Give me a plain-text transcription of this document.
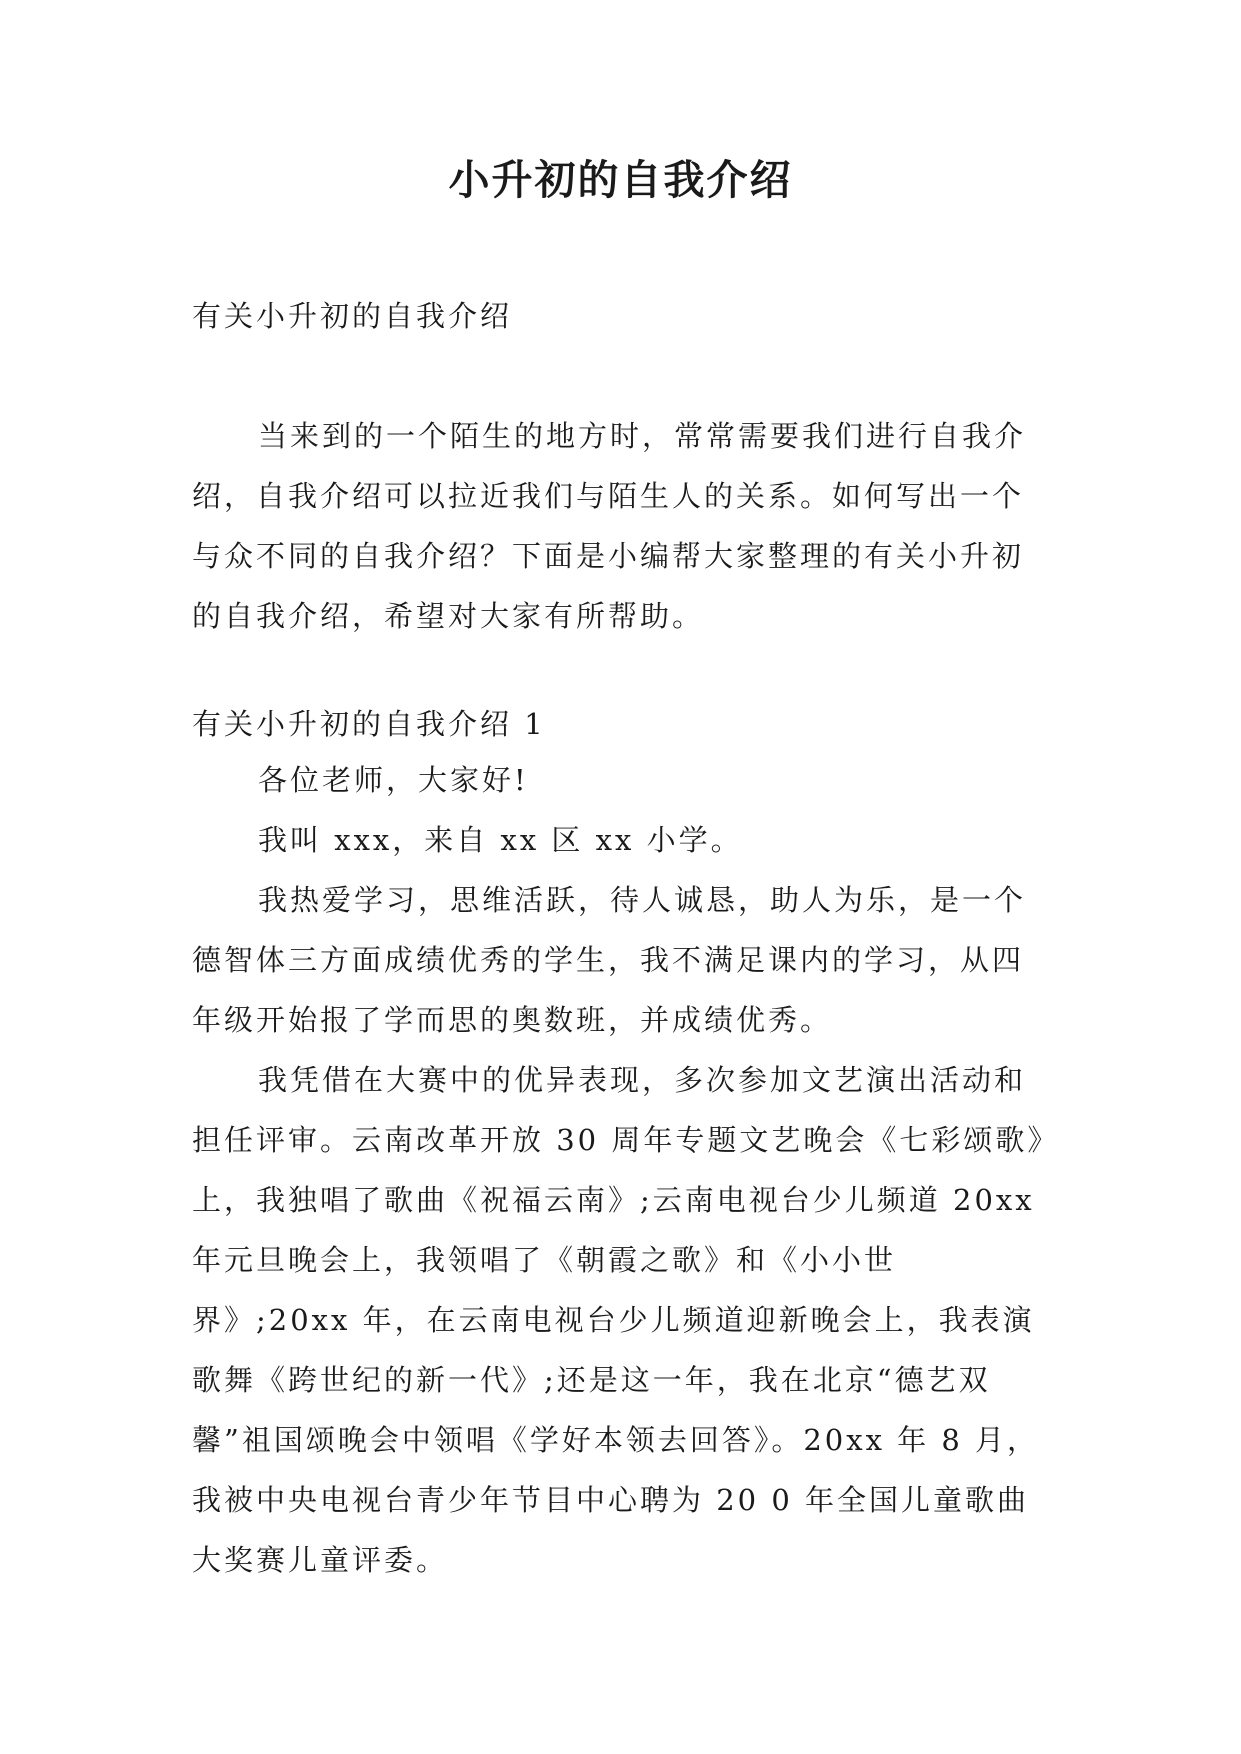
小升初的自我介绍
有关小升初的自我介绍
当来到的一个陌生的地方时，常常需要我们进行自我介绍，自我介绍可以拉近我们与陌生人的关系。如何写出一个与众不同的自我介绍？下面是小编帮大家整理的有关小升初的自我介绍，希望对大家有所帮助。
有关小升初的自我介绍 1

各位老师，大家好!

我叫 xxx，来自 xx 区 xx 小学。

我热爱学习，思维活跃，待人诚恳，助人为乐，是一个德智体三方面成绩优秀的学生，我不满足课内的学习，从四年级开始报了学而思的奥数班，并成绩优秀。

我凭借在大赛中的优异表现，多次参加文艺演出活动和担任评审。云南改革开放 30 周年专题文艺晚会《七彩颂歌》上，我独唱了歌曲《祝福云南》;云南电视台少儿频道 20xx 年元旦晚会上，我领唱了《朝霞之歌》和《小小世界》;20xx 年，在云南电视台少儿频道迎新晚会上，我表演歌舞《跨世纪的新一代》;还是这一年，我在北京“德艺双馨”祖国颂晚会中领唱《学好本领去回答》。20xx 年 8 月，我被中央电视台青少年节目中心聘为 20 0 年全国儿童歌曲大奖赛儿童评委。
